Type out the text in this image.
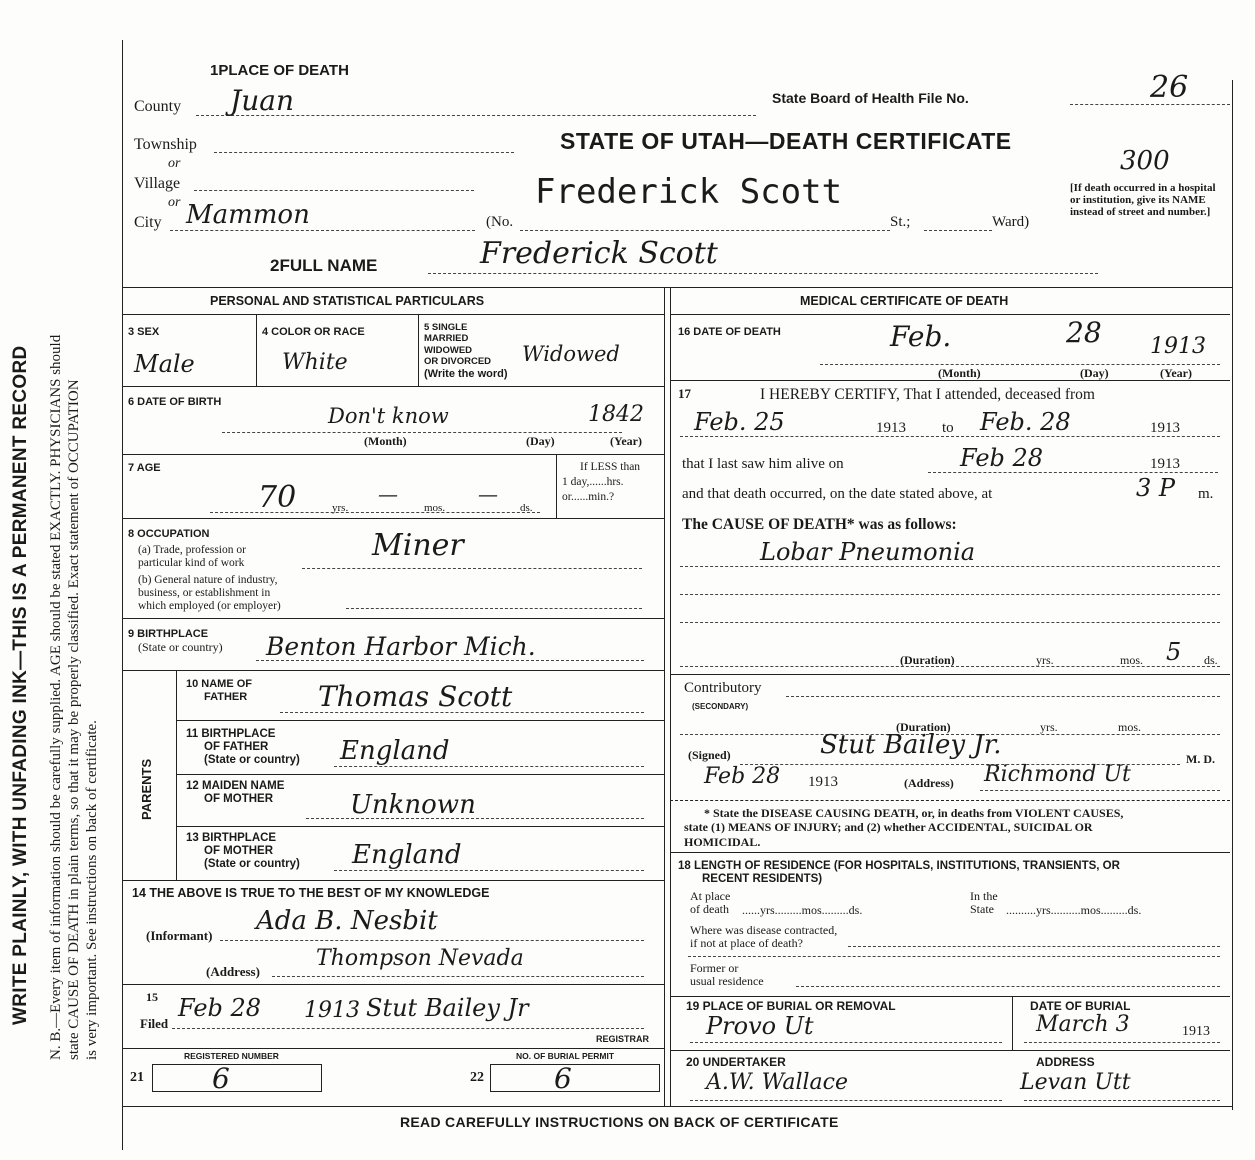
WRITE PLAINLY, WITH UNFADING INK—THIS IS A PERMANENT RECORD N. B.—Every item of information should be carefully supplied. AGE should be stated EXACTLY. PHYSICIANS should state CAUSE OF DEATH in plain terms, so that it may be properly classified. Exact statement of OCCUPATION is very important. See instructions on back of certificate.
1PLACE OF DEATH
State Board of Health File No.	26
STATE OF UTAH—DEATH CERTIFICATE
300
[If death occurred in a hospital or institution, give its NAME instead of street and number.]
County Juan
Township
or
Village
or
City Mammon	(No.
Frederick Scott
St.;	Ward)
2FULL NAME	Frederick Scott
PERSONAL AND STATISTICAL PARTICULARS
3 SEX
Male
4 COLOR OR RACE
White
5 SINGLE
MARRIED
WIDOWED
OR DIVORCED
(Write the word)
Widowed
6 DATE OF BIRTH
Don't know	1842
(Month)	(Day)	(Year)
7 AGE
70	—	—
yrs.	mos.	ds.
If LESS than
1 day,......hrs.
or......min.?
8 OCCUPATION
(a) Trade, profession or
particular kind of work
Miner
(b) General nature of industry,
business, or establishment in
which employed (or employer)
9 BIRTHPLACE
(State or country) Benton Harbor Mich.
PARENTS
10 NAME OF
FATHER	Thomas Scott
11 BIRTHPLACE
OF FATHER
(State or country) England
12 MAIDEN NAME
OF MOTHER	Unknown
13 BIRTHPLACE
OF MOTHER
(State or country) England
14 THE ABOVE IS TRUE TO THE BEST OF MY KNOWLEDGE
(Informant) Ada B. Nesbit
(Address)
Thompson Nevada
15
Filed
Feb 28 1913 Stut Bailey Jr
REGISTRAR
REGISTERED NUMBER	NO. OF BURIAL PERMIT
21 6	22	6
MEDICAL CERTIFICATE OF DEATH
16 DATE OF DEATH	Feb.	28 1913
(Month)	(Day)	(Year)
17	I HEREBY CERTIFY, That I attended, deceased from
Feb. 25	1913 to Feb. 28	1913
that I last saw him alive on	Feb 28	1913
and that death occurred, on the date stated above, at	3 P m.
The CAUSE OF DEATH* was as follows:
Lobar Pneumonia
(Duration)	yrs.	mos. 5 ds.
Contributory
(SECONDARY)
(Duration)	yrs.	mos.
(Signed)	Stut Bailey Jr.	M. D.
Feb 28 1913	(Address) Richmond Ut
* State the DISEASE CAUSING DEATH, or, in deaths from VIOLENT CAUSES,
state (1) MEANS OF INJURY; and (2) whether ACCIDENTAL, SUICIDAL OR
HOMICIDAL.
18 LENGTH OF RESIDENCE (FOR HOSPITALS, INSTITUTIONS, TRANSIENTS, OR
RECENT RESIDENTS)
At place
of death ......yrs.........mos.........ds.
In the
State	..........yrs..........mos.........ds.
Where was disease contracted,
if not at place of death?
Former or
usual residence
19 PLACE OF BURIAL OR REMOVAL
Provo Ut
DATE OF BURIAL
March 3	1913
20 UNDERTAKER
A.W. Wallace
ADDRESS
Levan Utt
READ CAREFULLY INSTRUCTIONS ON BACK OF CERTIFICATE
